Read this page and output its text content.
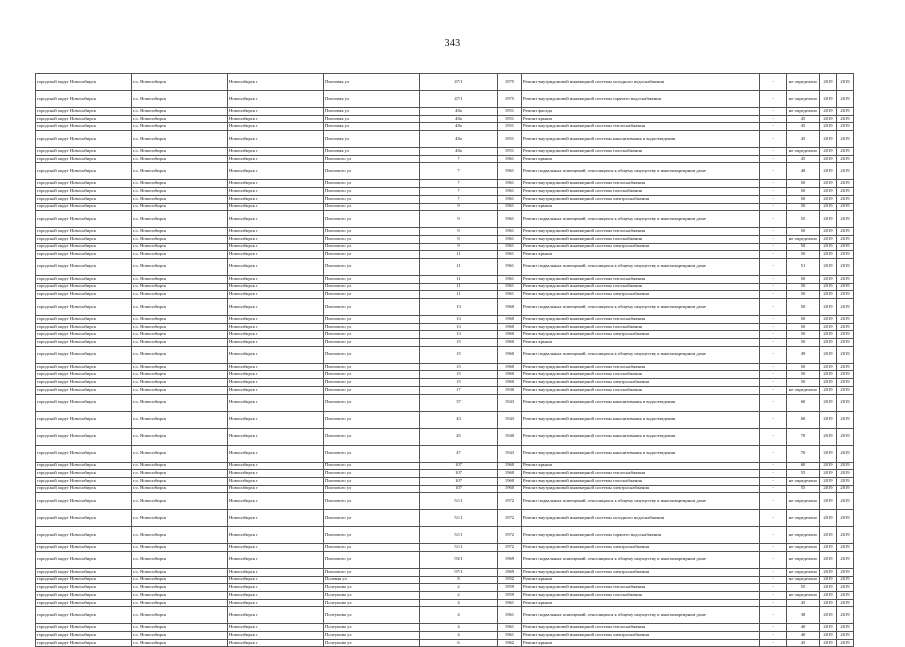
343
городской округ Новосибирск	г.о. Новосибирск	Новосибирск г	Пихтовая ул	47/1	1975	Ремонт внутридомовой инженерной системы холодного водоснабжения	-	не определено	2019	2019
городской округ Новосибирск	г.о. Новосибирск	Новосибирск г	Пихтовая ул	47/1	1975	Ремонт внутридомовой инженерной системы горячего водоснабжения	-	не определено	2019	2019
городской округ Новосибирск	г.о. Новосибирск	Новосибирск г	Пихтовая ул	48а	1951	Ремонт фасада	-	не определено	2019	2019
городской округ Новосибирск	г.о. Новосибирск	Новосибирск г	Пихтовая ул	48а	1951	Ремонт крыши	-	45	2019	2019
городской округ Новосибирск	г.о. Новосибирск	Новосибирск г	Пихтовая ул	48а	1951	Ремонт внутридомовой инженерной системы теплоснабжения	-	45	2019	2019
городской округ Новосибирск	г.о. Новосибирск	Новосибирск г	Пихтовая ул	48а	1951	Ремонт внутридомовой инженерной системы канализования и водоотведения	-	45	2019	2019
городской округ Новосибирск	г.о. Новосибирск	Новосибирск г	Пихтовая ул	48а	1951	Ремонт внутридомовой инженерной системы газоснабжения	-	не определено	2019	2019
городской округ Новосибирск	г.о. Новосибирск	Новосибирск г	Пихтового ул	7	1961	Ремонт крыши	-	45	2019	2019
городской округ Новосибирск	г.о. Новосибирск	Новосибирск г	Пихтового ул	7	1961	Ремонт подвальных помещений, относящихся к общему имуществу в многоквартирном доме	-	48	2019	2019
городской округ Новосибирск	г.о. Новосибирск	Новосибирск г	Пихтового ул	7	1961	Ремонт внутридомовой инженерной системы теплоснабжения	-	50	2019	2019
городской округ Новосибирск	г.о. Новосибирск	Новосибирск г	Пихтового ул	7	1961	Ремонт внутридомовой инженерной системы газоснабжения	-	50	2019	2019
городской округ Новосибирск	г.о. Новосибирск	Новосибирск г	Пихтового ул	7	1961	Ремонт внутридомовой инженерной системы электроснабжения	-	50	2019	2019
городской округ Новосибирск	г.о. Новосибирск	Новосибирск г	Пихтового ул	9	1961	Ремонт крыши	-	50	2019	2019
городской округ Новосибирск	г.о. Новосибирск	Новосибирск г	Пихтового ул	9	1961	Ремонт подвальных помещений, относящихся к общему имуществу в многоквартирном доме	-	55	2019	2019
городской округ Новосибирск	г.о. Новосибирск	Новосибирск г	Пихтового ул	9	1961	Ремонт внутридомовой инженерной системы теплоснабжения	-	50	2019	2019
городской округ Новосибирск	г.о. Новосибирск	Новосибирск г	Пихтового ул	9	1961	Ремонт внутридомовой инженерной системы газоснабжения	-	не определено	2019	2019
городской округ Новосибирск	г.о. Новосибирск	Новосибирск г	Пихтового ул	9	1961	Ремонт внутридомовой инженерной системы электроснабжения	-	50	2019	2019
городской округ Новосибирск	г.о. Новосибирск	Новосибирск г	Пихтового ул	11	1961	Ремонт крыши	-	50	2019	2019
городской округ Новосибирск	г.о. Новосибирск	Новосибирск г	Пихтового ул	11	1961	Ремонт подвальных помещений, относящихся к общему имуществу в многоквартирном доме	-	51	2019	2019
городской округ Новосибирск	г.о. Новосибирск	Новосибирск г	Пихтового ул	11	1961	Ремонт внутридомовой инженерной системы теплоснабжения	-	50	2019	2019
городской округ Новосибирск	г.о. Новосибирск	Новосибирск г	Пихтового ул	11	1961	Ремонт внутридомовой инженерной системы газоснабжения	-	50	2019	2019
городской округ Новосибирск	г.о. Новосибирск	Новосибирск г	Пихтового ул	11	1961	Ремонт внутридомовой инженерной системы электроснабжения	-	50	2019	2019
городской округ Новосибирск	г.о. Новосибирск	Новосибирск г	Пихтового ул	13	1960	Ремонт подвальных помещений, относящихся к общему имуществу в многоквартирном доме	-	50	2019	2019
городской округ Новосибирск	г.о. Новосибирск	Новосибирск г	Пихтового ул	13	1960	Ремонт внутридомовой инженерной системы теплоснабжения	-	50	2019	2019
городской округ Новосибирск	г.о. Новосибирск	Новосибирск г	Пихтового ул	13	1960	Ремонт внутридомовой инженерной системы газоснабжения	-	50	2019	2019
городской округ Новосибирск	г.о. Новосибирск	Новосибирск г	Пихтового ул	13	1960	Ремонт внутридомовой инженерной системы электроснабжения	-	50	2019	2019
городской округ Новосибирск	г.о. Новосибирск	Новосибирск г	Пихтового ул	15	1960	Ремонт крыши	-	50	2019	2019
городской округ Новосибирск	г.о. Новосибирск	Новосибирск г	Пихтового ул	15	1960	Ремонт подвальных помещений, относящихся к общему имуществу в многоквартирном доме	-	49	2019	2019
городской округ Новосибирск	г.о. Новосибирск	Новосибирск г	Пихтового ул	15	1960	Ремонт внутридомовой инженерной системы теплоснабжения	-	50	2019	2019
городской округ Новосибирск	г.о. Новосибирск	Новосибирск г	Пихтового ул	15	1960	Ремонт внутридомовой инженерной системы газоснабжения	-	50	2019	2019
городской округ Новосибирск	г.о. Новосибирск	Новосибирск г	Пихтового ул	15	1960	Ремонт внутридомовой инженерной системы электроснабжения	-	50	2019	2019
городской округ Новосибирск	г.о. Новосибирск	Новосибирск г	Пихтового ул	17	1930	Ремонт внутридомовой инженерной системы газоснабжения	-	не определено	2019	2019
городской округ Новосибирск	г.о. Новосибирск	Новосибирск г	Пихтового ул	37	1943	Ремонт внутридомовой инженерной системы канализования и водоотведения	-	60	2019	2019
городской округ Новосибирск	г.о. Новосибирск	Новосибирск г	Пихтового ул	43	1943	Ремонт внутридомовой инженерной системы канализования и водоотведения	-	60	2019	2019
городской округ Новосибирск	г.о. Новосибирск	Новосибирск г	Пихтового ул	45	1940	Ремонт внутридомовой инженерной системы канализования и водоотведения	-	70	2019	2019
городской округ Новосибирск	г.о. Новосибирск	Новосибирск г	Пихтового ул	47	1943	Ремонт внутридомовой инженерной системы канализования и водоотведения	-	70	2019	2019
городской округ Новосибирск	г.о. Новосибирск	Новосибирск г	Пихтового ул	107	1960	Ремонт крыши	-	60	2019	2019
городской округ Новосибирск	г.о. Новосибирск	Новосибирск г	Пихтового ул	107	1960	Ремонт внутридомовой инженерной системы теплоснабжения	-	55	2019	2019
городской округ Новосибирск	г.о. Новосибирск	Новосибирск г	Пихтового ул	107	1960	Ремонт внутридомовой инженерной системы газоснабжения	-	не определено	2019	2019
городской округ Новосибирск	г.о. Новосибирск	Новосибирск г	Пихтового ул	107	1960	Ремонт внутридомовой инженерной системы электроснабжения	-	55	2019	2019
городской округ Новосибирск	г.о. Новосибирск	Новосибирск г	Пихтового ул	51/1	1972	Ремонт подвальных помещений, относящихся к общему имуществу в многоквартирном доме	-	не определено	2019	2019
городской округ Новосибирск	г.о. Новосибирск	Новосибирск г	Пихтового ул	51/1	1972	Ремонт внутридомовой инженерной системы холодного водоснабжения	-	не определено	2019	2019
городской округ Новосибирск	г.о. Новосибирск	Новосибирск г	Пихтового ул	51/1	1972	Ремонт внутридомовой инженерной системы горячего водоснабжения	-	не определено	2019	2019
городской округ Новосибирск	г.о. Новосибирск	Новосибирск г	Пихтового ул	51/1	1972	Ремонт внутридомовой инженерной системы электроснабжения	-	не определено	2019	2019
городской округ Новосибирск	г.о. Новосибирск	Новосибирск г	Пихтового ул	93/1	1969	Ремонт подвальных помещений, относящихся к общему имуществу в многоквартирном доме	-	не определено	2019	2019
городской округ Новосибирск	г.о. Новосибирск	Новосибирск г	Пихтового ул	97/1	1969	Ремонт внутридомовой инженерной системы электроснабжения	-	не определено	2019	2019
городской округ Новосибирск	г.о. Новосибирск	Новосибирск г	Полевая ул	8	1952	Ремонт крыши	-	не определено	2019	2019
городской округ Новосибирск	г.о. Новосибирск	Новосибирск г	Полтунова ул	2	1959	Ремонт внутридомовой инженерной системы теплоснабжения	-	55	2019	2019
городской округ Новосибирск	г.о. Новосибирск	Новосибирск г	Полтунова ул	2	1959	Ремонт внутридомовой инженерной системы газоснабжения	-	не определено	2019	2019
городской округ Новосибирск	г.о. Новосибирск	Новосибирск г	Полтунова ул	4	1961	Ремонт крыши	-	45	2019	2019
городской округ Новосибирск	г.о. Новосибирск	Новосибирск г	Полтунова ул	4	1961	Ремонт подвальных помещений, относящихся к общему имуществу в многоквартирном доме	-	38	2019	2019
городской округ Новосибирск	г.о. Новосибирск	Новосибирск г	Полтунова ул	4	1961	Ремонт внутридомовой инженерной системы теплоснабжения	-	40	2019	2019
городской округ Новосибирск	г.о. Новосибирск	Новосибирск г	Полтунова ул	4	1961	Ремонт внутридомовой инженерной системы электроснабжения	-	40	2019	2019
городской округ Новосибирск	г.о. Новосибирск	Новосибирск г	Полтунова ул	6	1962	Ремонт крыши	-	45	2019	2019
